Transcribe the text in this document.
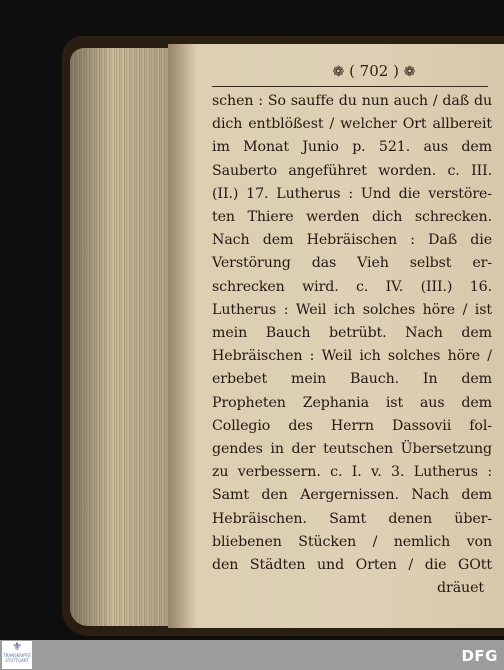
❁ ( 702 ) ❁
schen : So sauffe du nun auch / daß du
dich entblößest / welcher Ort allbereit
im Monat Junio p. 521. aus dem
Sauberto angeführet worden. c. III.
(II.) 17. Lutherus : Und die verstöre-
ten Thiere werden dich schrecken.
Nach dem Hebräischen : Daß die
Verstörung das Vieh selbst er-
schrecken wird. c. IV. (III.) 16.
Lutherus : Weil ich solches höre / ist
mein Bauch betrübt. Nach dem
Hebräischen : Weil ich solches höre /
erbebet mein Bauch. In dem
Propheten Zephania ist aus dem
Collegio des Herrn Dassovii fol-
gendes in der teutschen Übersetzung
zu verbessern. c. I. v. 3. Lutherus :
Samt den Aergernissen. Nach dem
Hebräischen. Samt denen über-
bliebenen Stücken / nemlich von
den Städten und Orten / die GOtt
dräuet
⚜
TRANSKRIPTE STUTTGART	DFG
